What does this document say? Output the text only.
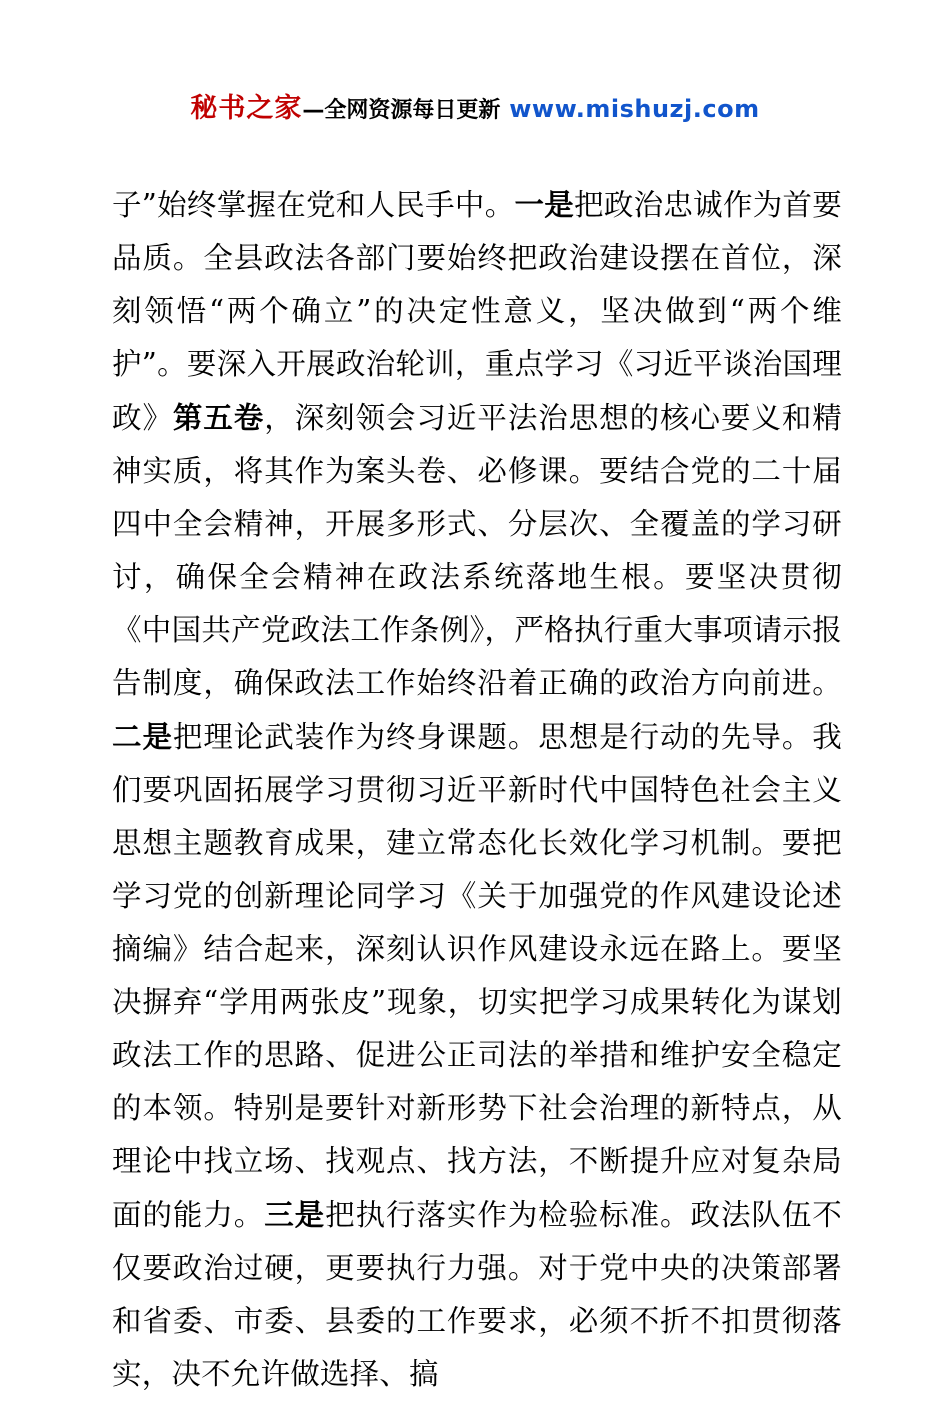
秘书之家—全网资源每日更新 www.mishuzj.com
子”始终掌握在党和人民手中。一是把政治忠诚作为首要品质。全县政法各部门要始终把政治建设摆在首位，深刻领悟“两个确立”的决定性意义，坚决做到“两个维护”。要深入开展政治轮训，重点学习《习近平谈治国理政》第五卷，深刻领会习近平法治思想的核心要义和精神实质，将其作为案头卷、必修课。要结合党的二十届四中全会精神，开展多形式、分层次、全覆盖的学习研讨，确保全会精神在政法系统落地生根。要坚决贯彻《中国共产党政法工作条例》，严格执行重大事项请示报告制度，确保政法工作始终沿着正确的政治方向前进。二是把理论武装作为终身课题。思想是行动的先导。我们要巩固拓展学习贯彻习近平新时代中国特色社会主义思想主题教育成果，建立常态化长效化学习机制。要把学习党的创新理论同学习《关于加强党的作风建设论述摘编》结合起来，深刻认识作风建设永远在路上。要坚决摒弃“学用两张皮”现象，切实把学习成果转化为谋划政法工作的思路、促进公正司法的举措和维护安全稳定的本领。特别是要针对新形势下社会治理的新特点，从理论中找立场、找观点、找方法，不断提升应对复杂局面的能力。三是把执行落实作为检验标准。政法队伍不仅要政治过硬，更要执行力强。对于党中央的决策部署和省委、市委、县委的工作要求，必须不折不扣贯彻落实，决不允许做选择、搞
